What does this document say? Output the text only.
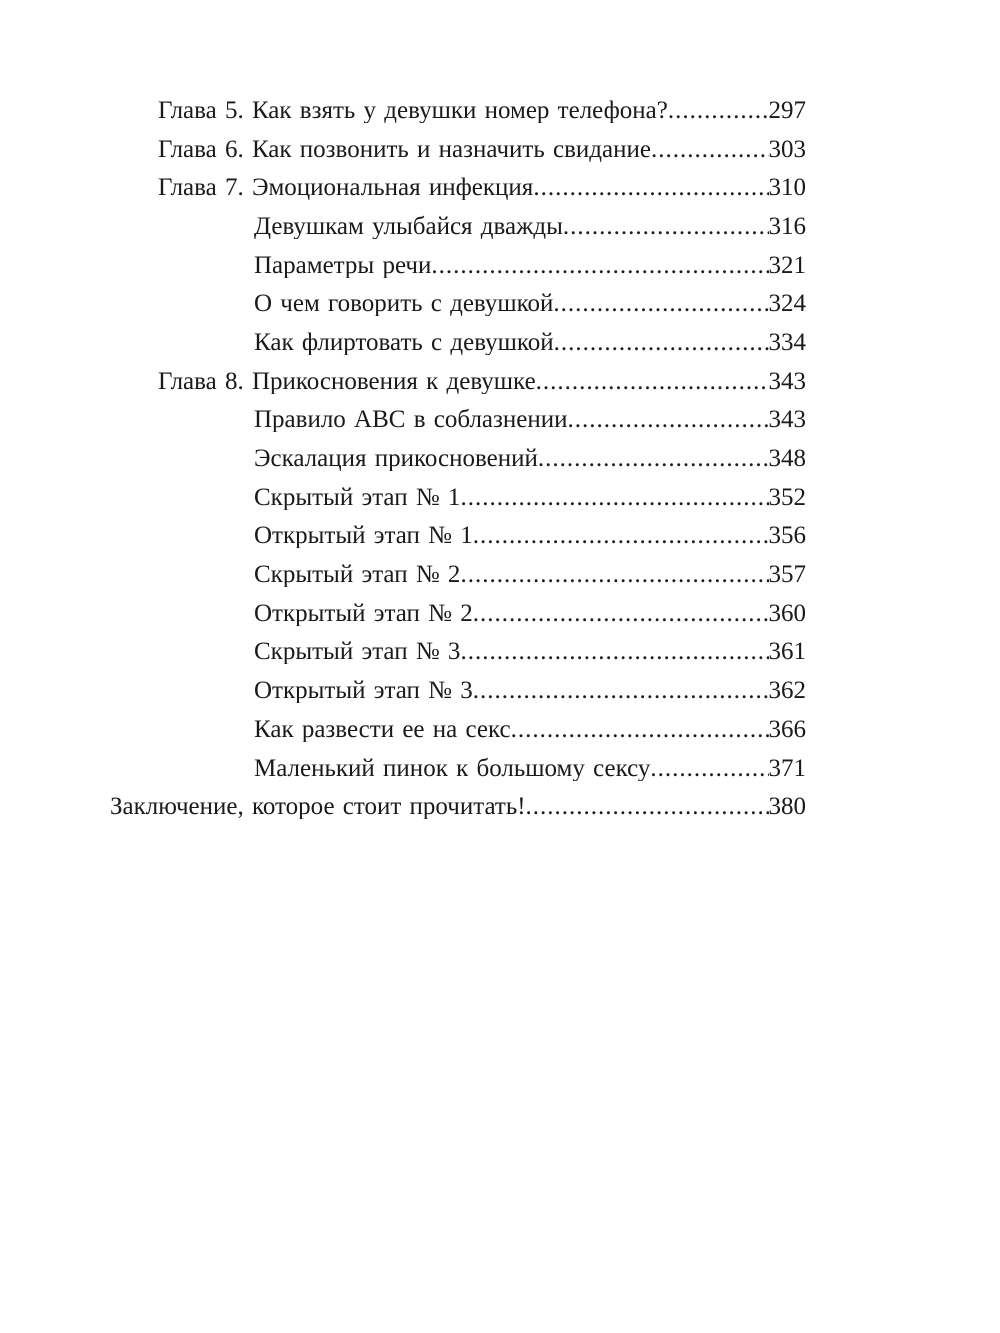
Глава 5. Как взять у девушки номер телефона? .....	297
Глава 6. Как позвонить и назначить свидание .....	303
Глава 7. Эмоциональная инфекция .....	310
Девушкам улыбайся дважды .....	316
Параметры речи .....	321
О чем говорить с девушкой .....	324
Как флиртовать с девушкой .....	334
Глава 8. Прикосновения к девушке .....	343
Правило ABC в соблазнении .....	343
Эскалация прикосновений .....	348
Скрытый этап № 1 .....	352
Открытый этап № 1 .....	356
Скрытый этап № 2 .....	357
Открытый этап № 2 .....	360
Скрытый этап № 3 .....	361
Открытый этап № 3 .....	362
Как развести ее на секс .....	366
Маленький пинок к большому сексу .....	371
Заключение, которое стоит прочитать! .....	380
